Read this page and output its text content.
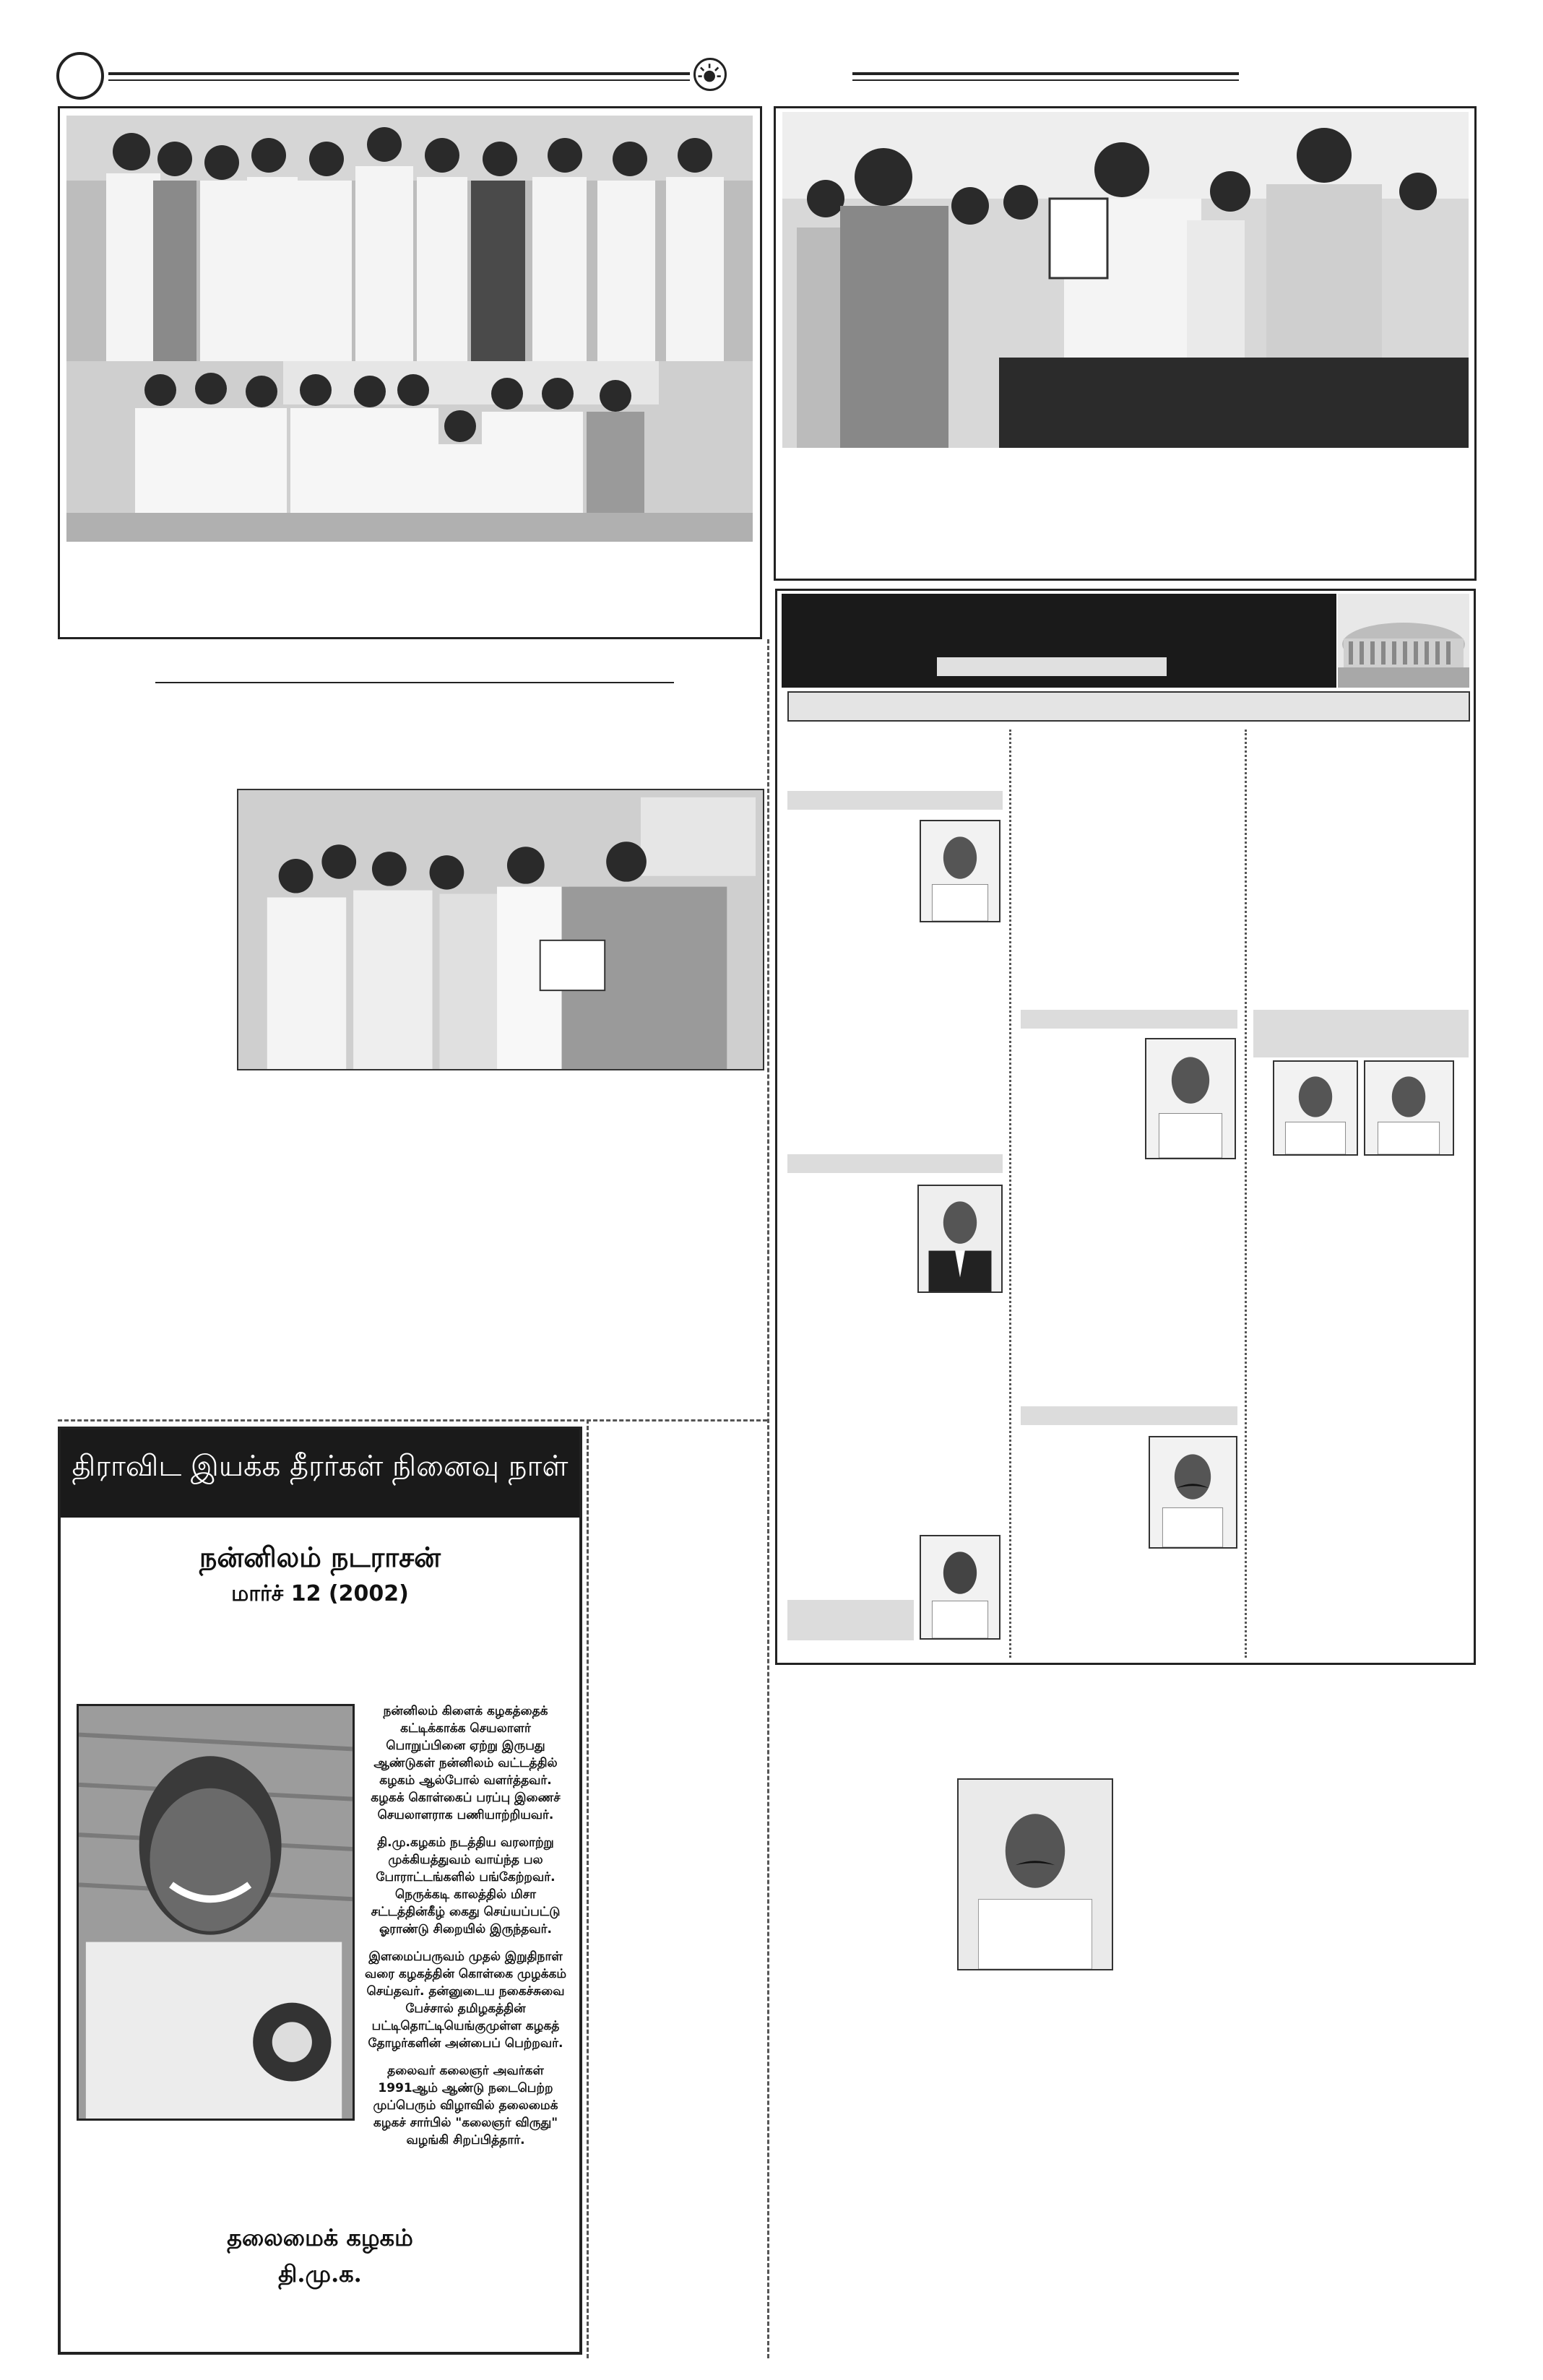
திராவிட இயக்க தீரர்கள் நினைவு நாள்
நன்னிலம் நடராசன்
மார்ச் 12 (2002)

நன்னிலம் கிளைக் கழகத்தைக் கட்டிக்காக்க செயலாளர் பொறுப்பினை ஏற்று இருபது ஆண்டுகள் நன்னிலம் வட்டத்தில் கழகம் ஆல்போல் வளர்த்தவர். கழகக் கொள்கைப் பரப்பு இணைச் செயலாளராக பணியாற்றியவர்.

தி.மு.கழகம் நடத்திய வரலாற்று முக்கியத்துவம் வாய்ந்த பல போராட்டங்களில் பங்கேற்றவர். நெருக்கடி காலத்தில் மிசா சட்டத்தின்கீழ் கைது செய்யப்பட்டு ஓராண்டு சிறையில் இருந்தவர்.

இளமைப்பருவம் முதல் இறுதிநாள் வரை கழகத்தின் கொள்கை முழக்கம் செய்தவர். தன்னுடைய நகைச்சுவை பேச்சால் தமிழகத்தின் பட்டிதொட்டியெங்குமுள்ள கழகத் தோழர்களின் அன்பைப் பெற்றவர்.

தலைவர் கலைஞர் அவர்கள் 1991ஆம் ஆண்டு நடைபெற்ற முப்பெரும் விழாவில் தலைமைக் கழகச் சார்பில் "கலைஞர் விருது" வழங்கி சிறப்பித்தார்.

தலைமைக் கழகம்
தி.மு.க.
